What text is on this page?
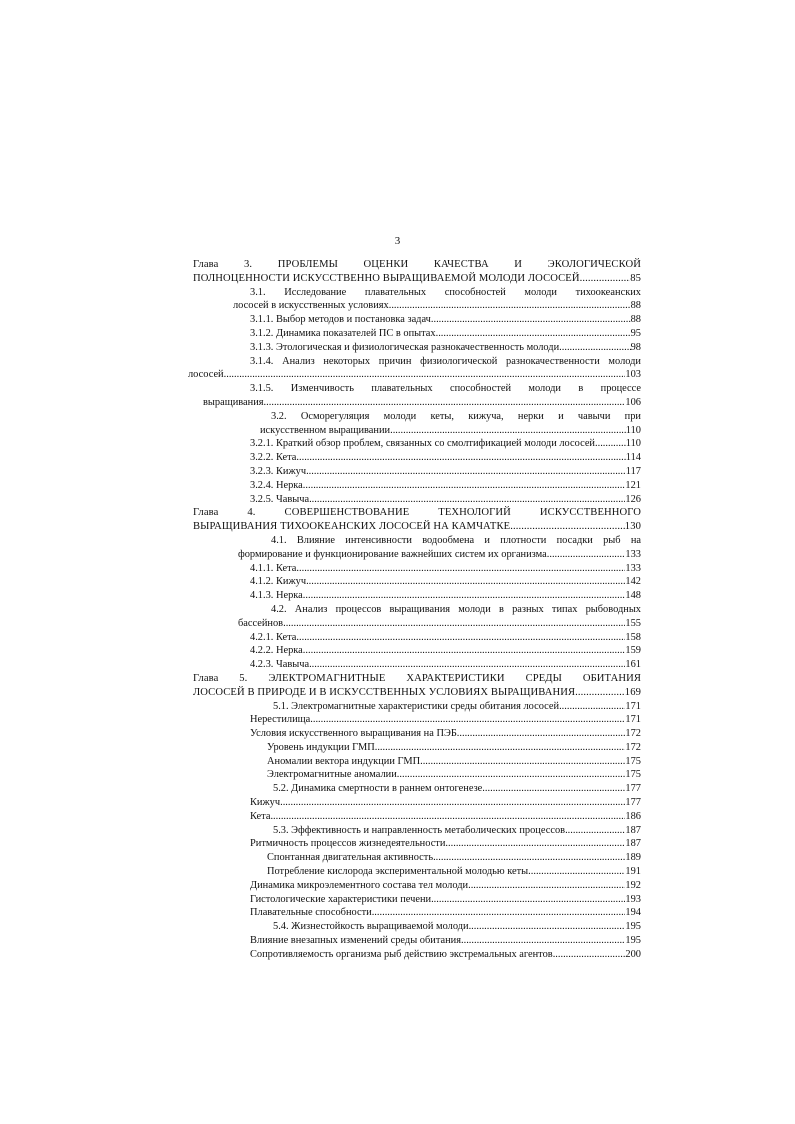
3
Глава 3. ПРОБЛЕМЫ ОЦЕНКИ КАЧЕСТВА И ЭКОЛОГИЧЕСКОЙ
ПОЛНОЦЕННОСТИ ИСКУССТВЕННО ВЫРАЩИВАЕМОЙ МОЛОДИ ЛОСОСЕЙ .....	85
3.1. Исследование плавательных способностей молоди тихоокеанских
лососей в искусственных условиях .....	88
3.1.1. Выбор методов и постановка задач .....	88
3.1.2. Динамика показателей ПС в опытах .....	95
3.1.3. Этологическая и физиологическая разнокачественность молоди .....	98
3.1.4. Анализ некоторых причин физиологической разнокачественности молоди
лососей .....	103
3.1.5. Изменчивость плавательных способностей молоди в процессе
выращивания .....	106
3.2. Осморегуляция молоди кеты, кижуча, нерки и чавычи при
искусственном выращивании .....	110
3.2.1. Краткий обзор проблем, связанных со смолтификацией молоди лососей .....	110
3.2.2. Кета .....	114
3.2.3. Кижуч .....	117
3.2.4. Нерка .....	121
3.2.5. Чавыча .....	126
Глава 4. СОВЕРШЕНСТВОВАНИЕ ТЕХНОЛОГИЙ ИСКУССТВЕННОГО
ВЫРАЩИВАНИЯ ТИХООКЕАНСКИХ ЛОСОСЕЙ НА КАМЧАТКЕ .....	130
4.1. Влияние интенсивности водообмена и плотности посадки рыб на
формирование и функционирование важнейших систем их организма .....	133
4.1.1. Кета .....	133
4.1.2. Кижуч .....	142
4.1.3. Нерка .....	148
4.2. Анализ процессов выращивания молоди в разных типах рыбоводных
бассейнов .....	155
4.2.1. Кета .....	158
4.2.2. Нерка .....	159
4.2.3. Чавыча .....	161
Глава 5. ЭЛЕКТРОМАГНИТНЫЕ ХАРАКТЕРИСТИКИ СРЕДЫ ОБИТАНИЯ
ЛОСОСЕЙ В ПРИРОДЕ И В ИСКУССТВЕННЫХ УСЛОВИЯХ ВЫРАЩИВАНИЯ .....	169
5.1. Электромагнитные характеристики среды обитания лососей .....	171
Нерестилища .....	171
Условия искусственного выращивания на ПЭБ .....	172
Уровень индукции ГМП .....	172
Аномалии вектора индукции ГМП .....	175
Электромагнитные аномалии .....	175
5.2. Динамика смертности в раннем онтогенезе .....	177
Кижуч .....	177
Кета .....	186
5.3. Эффективность и направленность метаболических процессов .....	187
Ритмичность процессов жизнедеятельности .....	187
Спонтанная двигательная активность .....	189
Потребление кислорода экспериментальной молодью кеты .....	191
Динамика микроэлементного состава тел молоди .....	192
Гистологические характеристики печени .....	193
Плавательные способности .....	194
5.4. Жизнестойкость выращиваемой молоди .....	195
Влияние внезапных изменений среды обитания .....	195
Сопротивляемость организма рыб действию экстремальных агентов .....	200
